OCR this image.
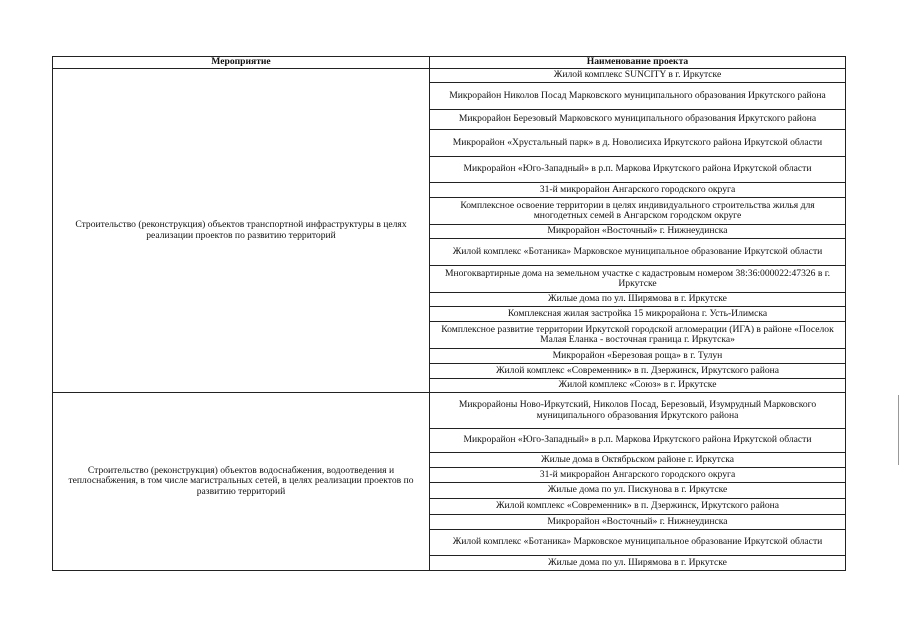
Мероприятие	Наименование проекта
Строительство (реконструкция) объектов транспортной инфраструктуры в целях реализации проектов по развитию территорий	Жилой комплекс SUNCITY в г. Иркутске
	Микрорайон Николов Посад Марковского муниципального образования Иркутского района
	Микрорайон Березовый Марковского муниципального образования Иркутского района
	Микрорайон «Хрустальный парк» в д. Новолисиха Иркутского района Иркутской области
	Микрорайон «Юго-Западный» в р.п. Маркова Иркутского района Иркутской области
	31-й микрорайон Ангарского городского округа
	Комплексное освоение территории в целях индивидуального строительства жилья для многодетных семей в Ангарском городском округе
	Микрорайон «Восточный» г. Нижнеудинска
	Жилой комплекс «Ботаника» Марковское муниципальное образование Иркутской области
	Многоквартирные дома на земельном участке с кадастровым номером 38:36:000022:47326 в г. Иркутске
	Жилые дома по ул. Ширямова в г. Иркутске
	Комплексная жилая застройка 15 микрорайона г. Усть-Илимска
	Комплексное развитие территории Иркутской городской агломерации (ИГА) в районе «Поселок Малая Еланка - восточная граница г. Иркутска»
	Микрорайон «Березовая роща» в г. Тулун
	Жилой комплекс «Современник» в п. Дзержинск, Иркутского района
	Жилой комплекс «Союз» в г. Иркутске
Строительство (реконструкция) объектов водоснабжения, водоотведения и теплоснабжения, в том числе магистральных сетей, в целях реализации проектов по развитию территорий	Микрорайоны Ново-Иркутский, Николов Посад, Березовый, Изумрудный Марковского муниципального образования Иркутского района
	Микрорайон «Юго-Западный» в р.п. Маркова Иркутского района Иркутской области
	Жилые дома в Октябрьском районе г. Иркутска
	31-й микрорайон Ангарского городского округа
	Жилые дома по ул. Пискунова в г. Иркутске
	Жилой комплекс «Современник» в п. Дзержинск, Иркутского района
	Микрорайон «Восточный» г. Нижнеудинска
	Жилой комплекс «Ботаника» Марковское муниципальное образование Иркутской области
	Жилые дома по ул. Ширямова в г. Иркутске
